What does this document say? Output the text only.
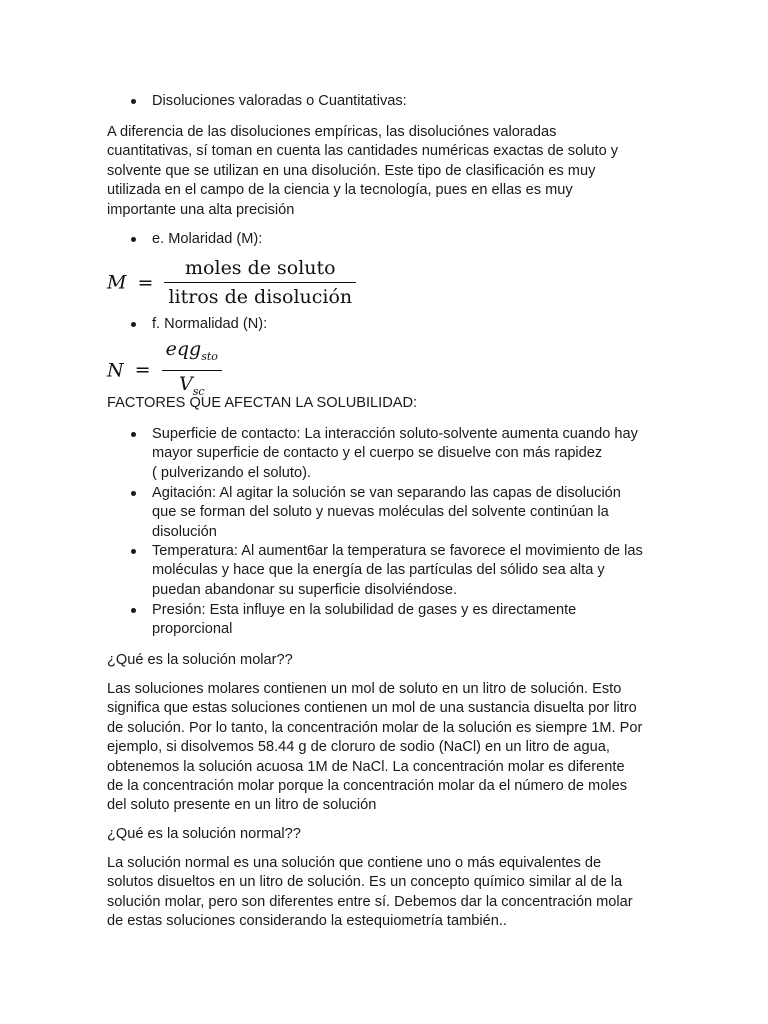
Disoluciones valoradas o Cuantitativas:
A diferencia de las disoluciones empíricas, las disoluciónes valoradas
cuantitativas, sí toman en cuenta las cantidades numéricas exactas de soluto y
solvente que se utilizan en una disolución. Este tipo de clasificación es muy
utilizada en el campo de la ciencia y la tecnología, pues en ellas es muy
importante una alta precisión
e. Molaridad (M):
$M = \frac{\text{moles de soluto}}{\text{litros de disolución}}$
f. Normalidad (N):
$N = \frac{eqg_{sto}}{V_{sc}}$
FACTORES QUE AFECTAN LA SOLUBILIDAD:
Superficie de contacto: La interacción soluto-solvente aumenta cuando hay
mayor superficie de contacto y el cuerpo se disuelve con más rapidez
( pulverizando el soluto).
Agitación: Al agitar la solución se van separando las capas de disolución
que se forman del soluto y nuevas moléculas del solvente continúan la
disolución
Temperatura: Al aument6ar la temperatura se favorece el movimiento de las
moléculas y hace que la energía de las partículas del sólido sea alta y
puedan abandonar su superficie disolviéndose.
Presión: Esta influye en la solubilidad de gases y es directamente
proporcional
¿Qué es la solución molar??
Las soluciones molares contienen un mol de soluto en un litro de solución. Esto
significa que estas soluciones contienen un mol de una sustancia disuelta por litro
de solución. Por lo tanto, la concentración molar de la solución es siempre 1M. Por
ejemplo, si disolvemos 58.44 g de cloruro de sodio (NaCl) en un litro de agua,
obtenemos la solución acuosa 1M de NaCl. La concentración molar es diferente
de la concentración molar porque la concentración molar da el número de moles
del soluto presente en un litro de solución
¿Qué es la solución normal??
La solución normal es una solución que contiene uno o más equivalentes de
solutos disueltos en un litro de solución. Es un concepto químico similar al de la
solución molar, pero son diferentes entre sí. Debemos dar la concentración molar
de estas soluciones considerando la estequiometría también..
